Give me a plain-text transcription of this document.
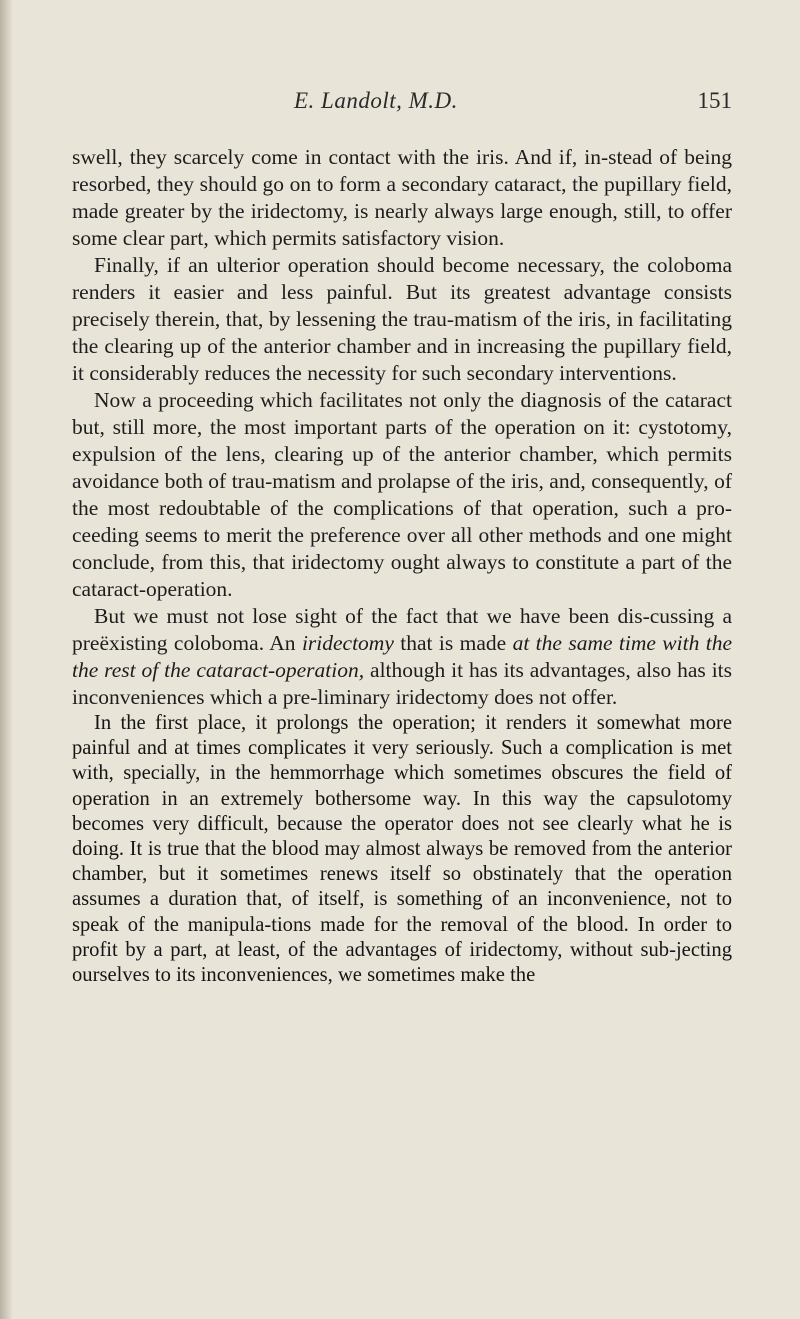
E. Landolt, M.D.	151

swell, they scarcely come in contact with the iris. And if, in-stead of being resorbed, they should go on to form a secondary cataract, the pupillary field, made greater by the iridectomy, is nearly always large enough, still, to offer some clear part, which permits satisfactory vision.

Finally, if an ulterior operation should become necessary, the coloboma renders it easier and less painful. But its greatest advantage consists precisely therein, that, by lessening the trau-matism of the iris, in facilitating the clearing up of the anterior chamber and in increasing the pupillary field, it considerably reduces the necessity for such secondary interventions.

Now a proceeding which facilitates not only the diagnosis of the cataract but, still more, the most important parts of the operation on it: cystotomy, expulsion of the lens, clearing up of the anterior chamber, which permits avoidance both of trau-matism and prolapse of the iris, and, consequently, of the most redoubtable of the complications of that operation, such a pro-ceeding seems to merit the preference over all other methods and one might conclude, from this, that iridectomy ought always to constitute a part of the cataract-operation.

But we must not lose sight of the fact that we have been dis-cussing a preëxisting coloboma. An iridectomy that is made at the same time with the the rest of the cataract-operation, although it has its advantages, also has its inconveniences which a pre-liminary iridectomy does not offer.

In the first place, it prolongs the operation; it renders it somewhat more painful and at times complicates it very seriously. Such a complication is met with, specially, in the hemmorrhage which sometimes obscures the field of operation in an extremely bothersome way. In this way the capsulotomy becomes very difficult, because the operator does not see clearly what he is doing. It is true that the blood may almost always be removed from the anterior chamber, but it sometimes renews itself so obstinately that the operation assumes a duration that, of itself, is something of an inconvenience, not to speak of the manipula-tions made for the removal of the blood. In order to profit by a part, at least, of the advantages of iridectomy, without sub-jecting ourselves to its inconveniences, we sometimes make the
